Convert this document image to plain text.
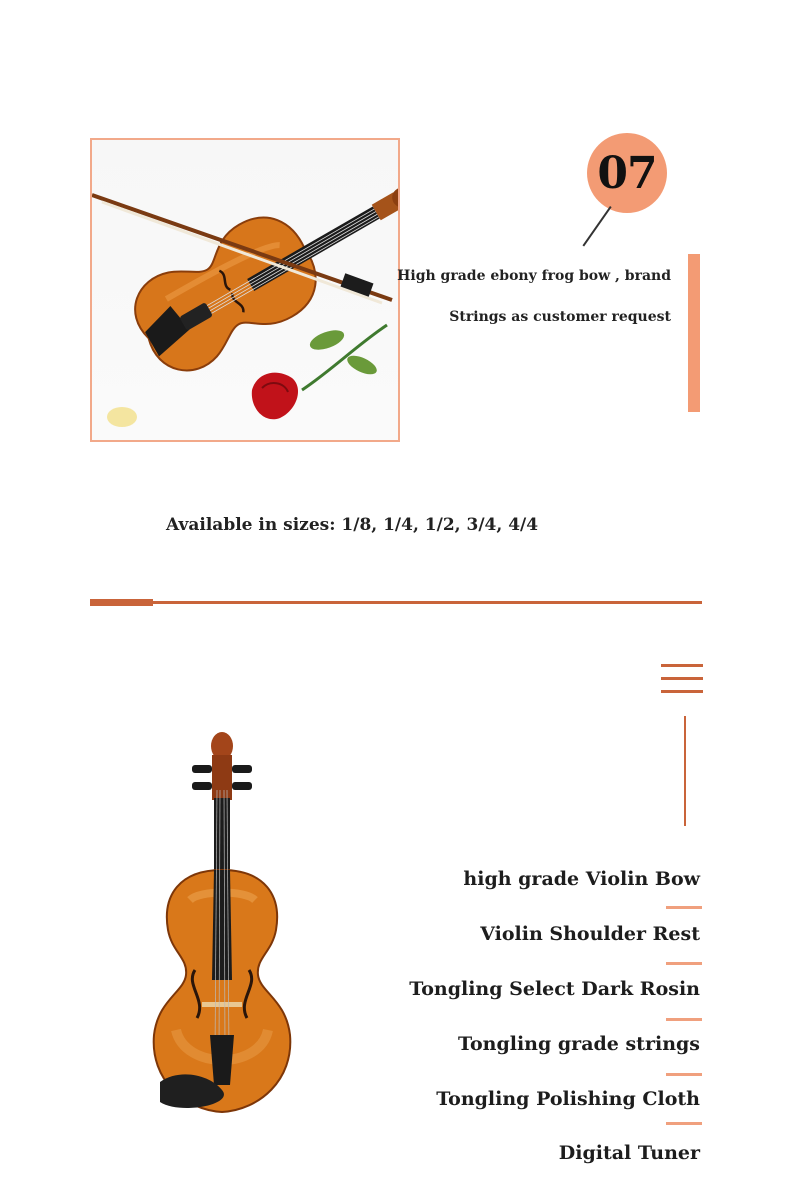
07
High grade ebony frog bow , brand
Strings as customer request
Available in sizes: 1/8, 1/4, 1/2, 3/4, 4/4
high grade Violin Bow
Violin Shoulder Rest
Tongling Select Dark Rosin
Tongling grade strings
Tongling Polishing Cloth
Digital Tuner
